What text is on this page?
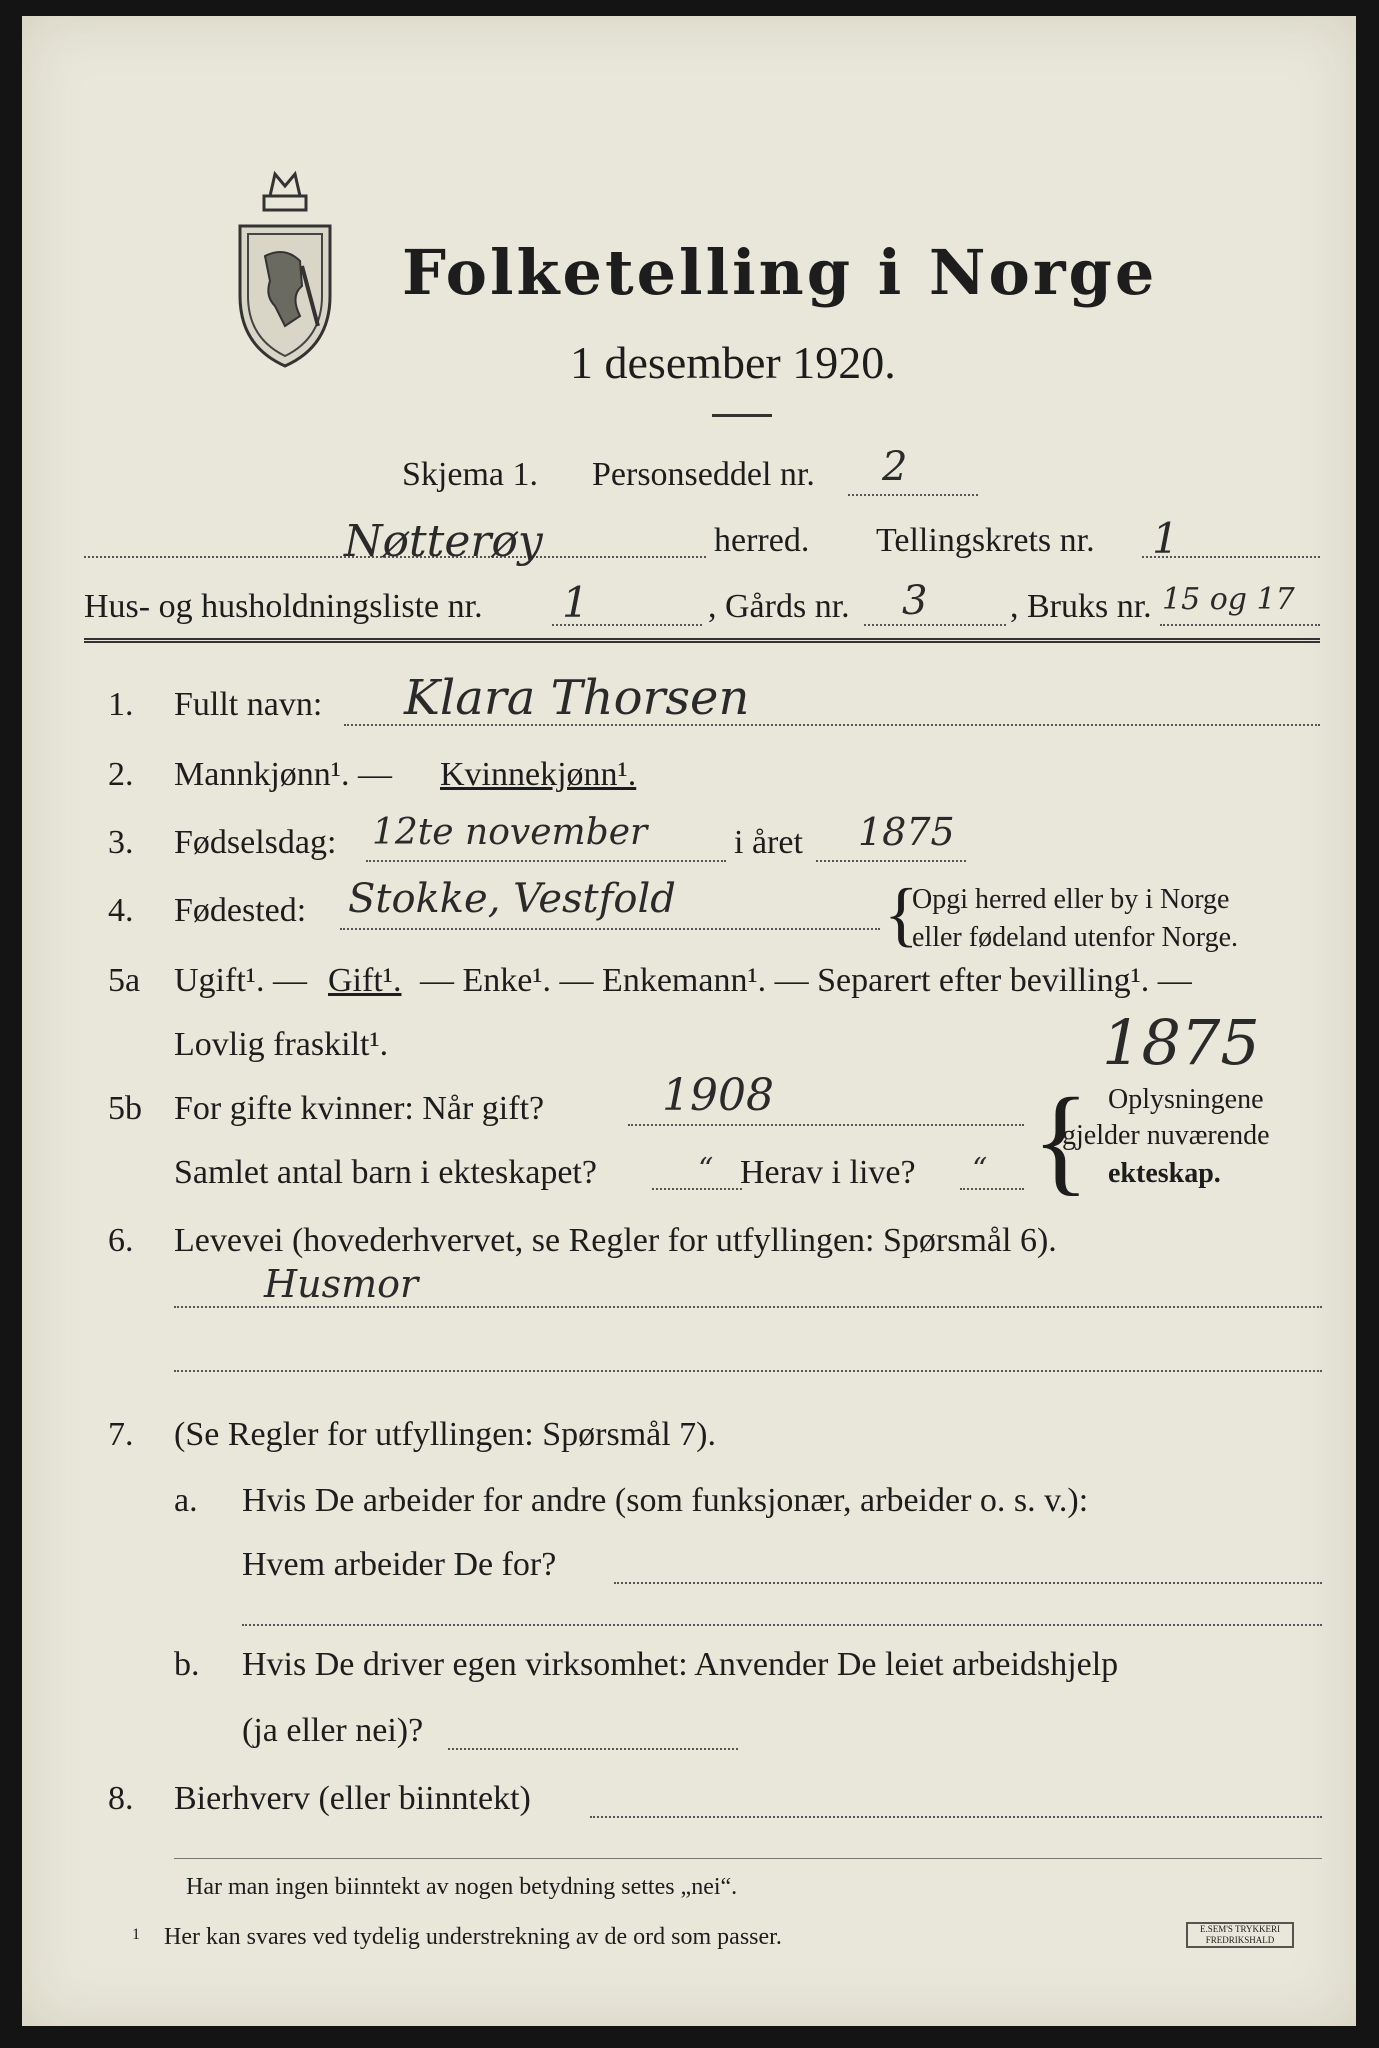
Folketelling i Norge
1 desember 1920.
Skjema 1. Personseddel nr. 2
Nøtterøy	herred. Tellingskrets nr. 1
Hus- og husholdningsliste nr. 1	, Gårds nr. 3 , Bruks nr. 15 og 17
1. Fullt navn: Klara Thorsen
2. Mannkjønn¹. — Kvinnekjønn¹.
3. Fødselsdag: 12te november	i året 1875
4. Fødested: Stokke, Vestfold	{
Opgi herred eller by i Norge
eller fødeland utenfor Norge.
5a Ugift¹. — Gift¹. — Enke¹. — Enkemann¹. — Separert efter bevilling¹. —
Lovlig fraskilt¹.	1875
5b For gifte kvinner: Når gift?	1908
Samlet antal barn i ekteskapet?	“ Herav i live? “ { Oplysningene
gjelder nuværende
ekteskap.
6. Levevei (hovederhvervet, se Regler for utfyllingen: Spørsmål 6).
Husmor
7. (Se Regler for utfyllingen: Spørsmål 7).
a. Hvis De arbeider for andre (som funksjonær, arbeider o. s. v.):
Hvem arbeider De for?
b. Hvis De driver egen virksomhet: Anvender De leiet arbeidshjelp
(ja eller nei)?
8. Bierhverv (eller biinntekt)
Har man ingen biinntekt av nogen betydning settes „nei“.
1 Her kan svares ved tydelig understrekning av de ord som passer.	E.SEM'S TRYKKERI FREDRIKSHALD
